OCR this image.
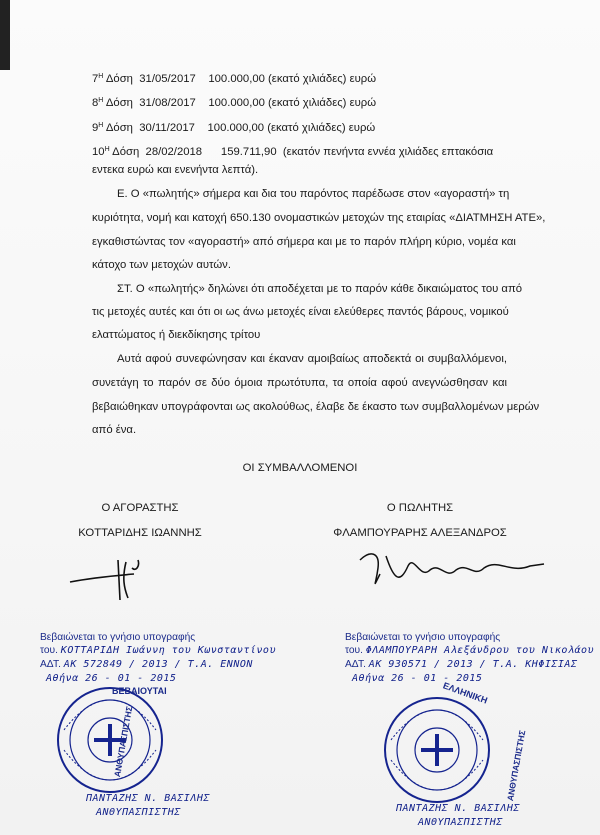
$7^H$ Δόση 31/05/2017 100.000,00 (εκατό χιλιάδες) ευρώ
$8^H$ Δόση 31/08/2017 100.000,00 (εκατό χιλιάδες) ευρώ
$9^H$ Δόση 30/11/2017 100.000,00 (εκατό χιλιάδες) ευρώ
$10^H$ Δόση 28/02/2018 159.711,90 (εκατόν πενήντα εννέα χιλιάδες επτακόσια
εντεκα ευρώ και ενενήντα λεπτά).
Ε. Ο «πωλητής» σήμερα και δια του παρόντος παρέδωσε στον «αγοραστή» τη
κυριότητα, νομή και κατοχή 650.130 ονομαστικών μετοχών της εταιρίας «ΔΙΑΤΜΗΣΗ ΑΤΕ»,
εγκαθιστώντας τον «αγοραστή» από σήμερα και με το παρόν πλήρη κύριο, νομέα και
κάτοχο των μετοχών αυτών.
ΣΤ. Ο «πωλητής» δηλώνει ότι αποδέχεται με το παρόν κάθε δικαιώματος του από
τις μετοχές αυτές και ότι οι ως άνω μετοχές είναι ελεύθερες παντός βάρους, νομικού
ελαττώματος ή διεκδίκησης τρίτου
Αυτά αφού συνεφώνησαν και έκαναν αμοιβαίως αποδεκτά οι συμβαλλόμενοι,
συνετάγη το παρόν σε δύο όμοια πρωτότυπα, τα οποία αφού ανεγνώσθησαν και
βεβαιώθηκαν υπογράφονται ως ακολούθως, έλαβε δε έκαστο των συμβαλλομένων μερών
από ένα.
ΟΙ ΣΥΜΒΑΛΛΟΜΕΝΟΙ
Ο ΑΓΟΡΑΣΤΗΣ
ΚΟΤΤΑΡΙΔΗΣ ΙΩΑΝΝΗΣ
Ο ΠΩΛΗΤΗΣ
ΦΛΑΜΠΟΥΡΑΡΗΣ ΑΛΕΞΑΝΔΡΟΣ
Βεβαιώνεται το γνήσιο υπογραφής
του. ΚΟΤΤΑΡΙΔΗ Ιωάννη του Κωνσταντίνου
ΑΔΤ. ΑΚ 572849 / 2013 / Τ.Α. ΕΝΝΟΝ
Αθήνα 26 - 01 - 2015
Βεβαιώνεται το γνήσιο υπογραφής
του. ΦΛΑΜΠΟΥΡΑΡΗ Αλεξάνδρου του Νικολάου
ΑΔΤ. ΑΚ 930571 / 2013 / Τ.Α. ΚΗΦΙΣΙΑΣ
Αθήνα 26 - 01 - 2015
ΒΕΒΑΙΟΥΤΑΙ	ΕΛΛΗΝΙΚΗ
ΑΝΘΥΠΑΣΠΙΣΤΗΣ	ΑΝΘΥΠΑΣΠΙΣΤΗΣ
ΠΑΝΤΑΖΗΣ Ν. ΒΑΣΙΛΗΣ
ΑΝΘΥΠΑΣΠΙΣΤΗΣ	ΠΑΝΤΑΖΗΣ Ν. ΒΑΣΙΛΗΣ
ΑΝΘΥΠΑΣΠΙΣΤΗΣ
